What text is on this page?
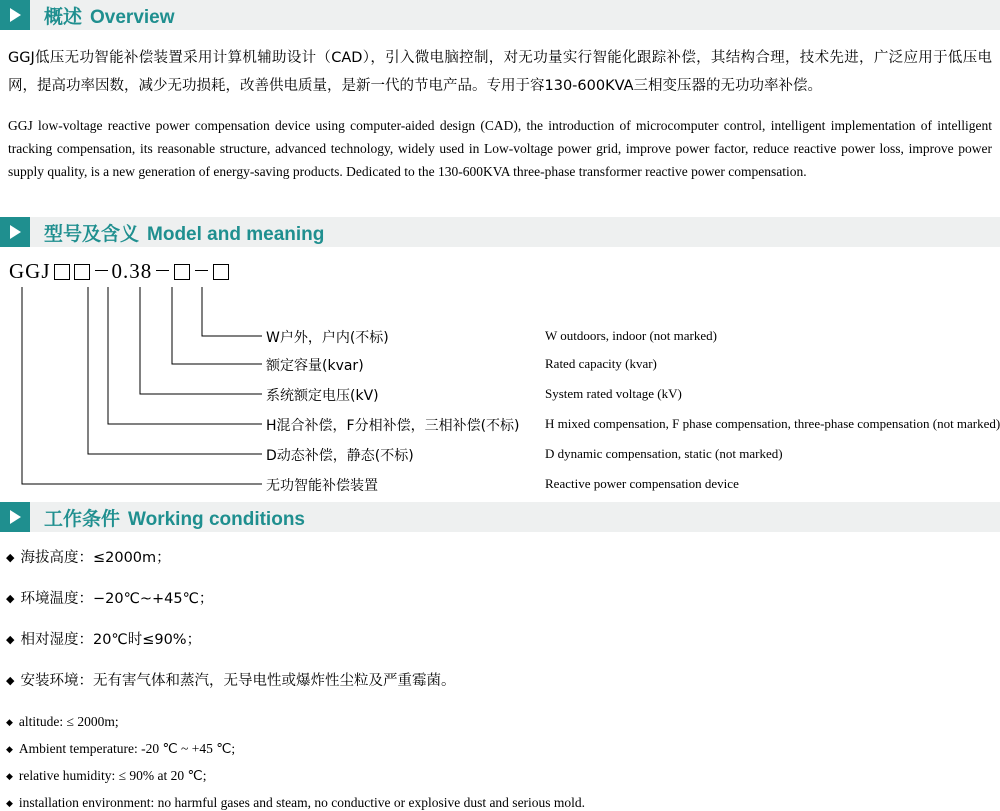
概述 Overview

GGJ低压无功智能补偿装置采用计算机辅助设计（CAD），引入微电脑控制，对无功量实行智能化跟踪补偿，其结构合理，技术先进，广泛应用于低压电网，提高功率因数，减少无功损耗，改善供电质量，是新一代的节电产品。专用于容130-600KVA三相变压器的无功功率补偿。

GGJ low-voltage reactive power compensation device using computer-aided design (CAD), the introduction of microcomputer control, intelligent implementation of intelligent tracking compensation, its reasonable structure, advanced technology, widely used in Low-voltage power grid, improve power factor, reduce reactive power loss, improve power supply quality, is a new generation of energy-saving products. Dedicated to the 130-600KVA three-phase transformer reactive power compensation.

型号及含义 Model and meaning
GGJ	0.38
W户外，户内(不标)
额定容量(kvar)
系统额定电压(kV)
H混合补偿，F分相补偿，三相补偿(不标)
D动态补偿，静态(不标)
无功智能补偿装置
W outdoors, indoor (not marked)
Rated capacity (kvar)
System rated voltage (kV)
H mixed compensation, F phase compensation, three-phase compensation (not marked)
D dynamic compensation, static (not marked)
Reactive power compensation device
工作条件 Working conditions
◆ 海拔高度：≤2000m；
◆ 环境温度：−20℃~+45℃；
◆ 相对湿度：20℃时≤90%；
◆ 安装环境：无有害气体和蒸汽，无导电性或爆炸性尘粒及严重霉菌。
◆ altitude: ≤ 2000m;
◆ Ambient temperature: -20 ℃ ~ +45 ℃;
◆ relative humidity: ≤ 90% at 20 ℃;
◆ installation environment: no harmful gases and steam, no conductive or explosive dust and serious mold.
